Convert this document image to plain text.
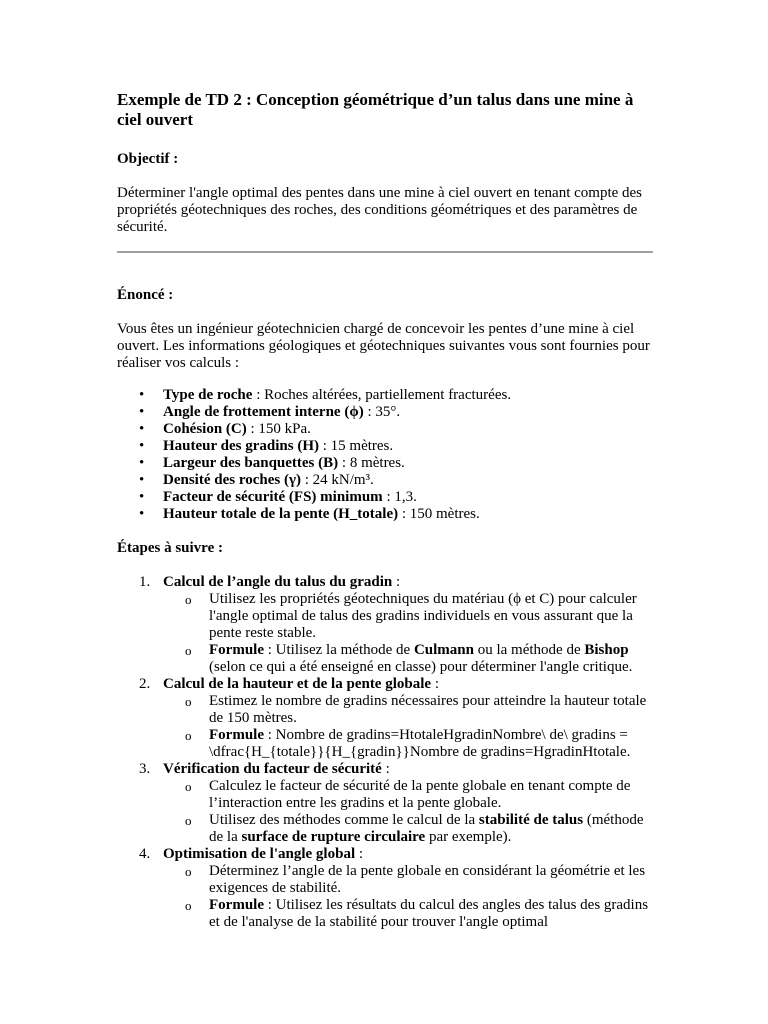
Exemple de TD 2 : Conception géométrique d’un talus dans une mine à ciel ouvert

Objectif :

Déterminer l'angle optimal des pentes dans une mine à ciel ouvert en tenant compte des propriétés géotechniques des roches, des conditions géométriques et des paramètres de sécurité.

Énoncé :

Vous êtes un ingénieur géotechnicien chargé de concevoir les pentes d’une mine à ciel ouvert. Les informations géologiques et géotechniques suivantes vous sont fournies pour réaliser vos calculs :

• Type de roche : Roches altérées, partiellement fracturées.
• Angle de frottement interne (ϕ) : 35°.
• Cohésion (C) : 150 kPa.
• Hauteur des gradins (H) : 15 mètres.
• Largeur des banquettes (B) : 8 mètres.
• Densité des roches (γ) : 24 kN/m³.
• Facteur de sécurité (FS) minimum : 1,3.
• Hauteur totale de la pente (H_totale) : 150 mètres.

Étapes à suivre :

1. Calcul de l’angle du talus du gradin :
o Utilisez les propriétés géotechniques du matériau (ϕ et C) pour calculer l'angle optimal de talus des gradins individuels en vous assurant que la pente reste stable.
o Formule : Utilisez la méthode de Culmann ou la méthode de Bishop (selon ce qui a été enseigné en classe) pour déterminer l'angle critique.
2. Calcul de la hauteur et de la pente globale :
o Estimez le nombre de gradins nécessaires pour atteindre la hauteur totale de 150 mètres.
o Formule : Nombre de gradins=HtotaleHgradinNombre\ de\ gradins = \dfrac{H_{totale}}{H_{gradin}}Nombre de gradins=HgradinHtotale.
3. Vérification du facteur de sécurité :
o Calculez le facteur de sécurité de la pente globale en tenant compte de l’interaction entre les gradins et la pente globale.
o Utilisez des méthodes comme le calcul de la stabilité de talus (méthode de la surface de rupture circulaire par exemple).
4. Optimisation de l'angle global :
o Déterminez l’angle de la pente globale en considérant la géométrie et les exigences de stabilité.
o Formule : Utilisez les résultats du calcul des angles des talus des gradins et de l'analyse de la stabilité pour trouver l'angle optimal
